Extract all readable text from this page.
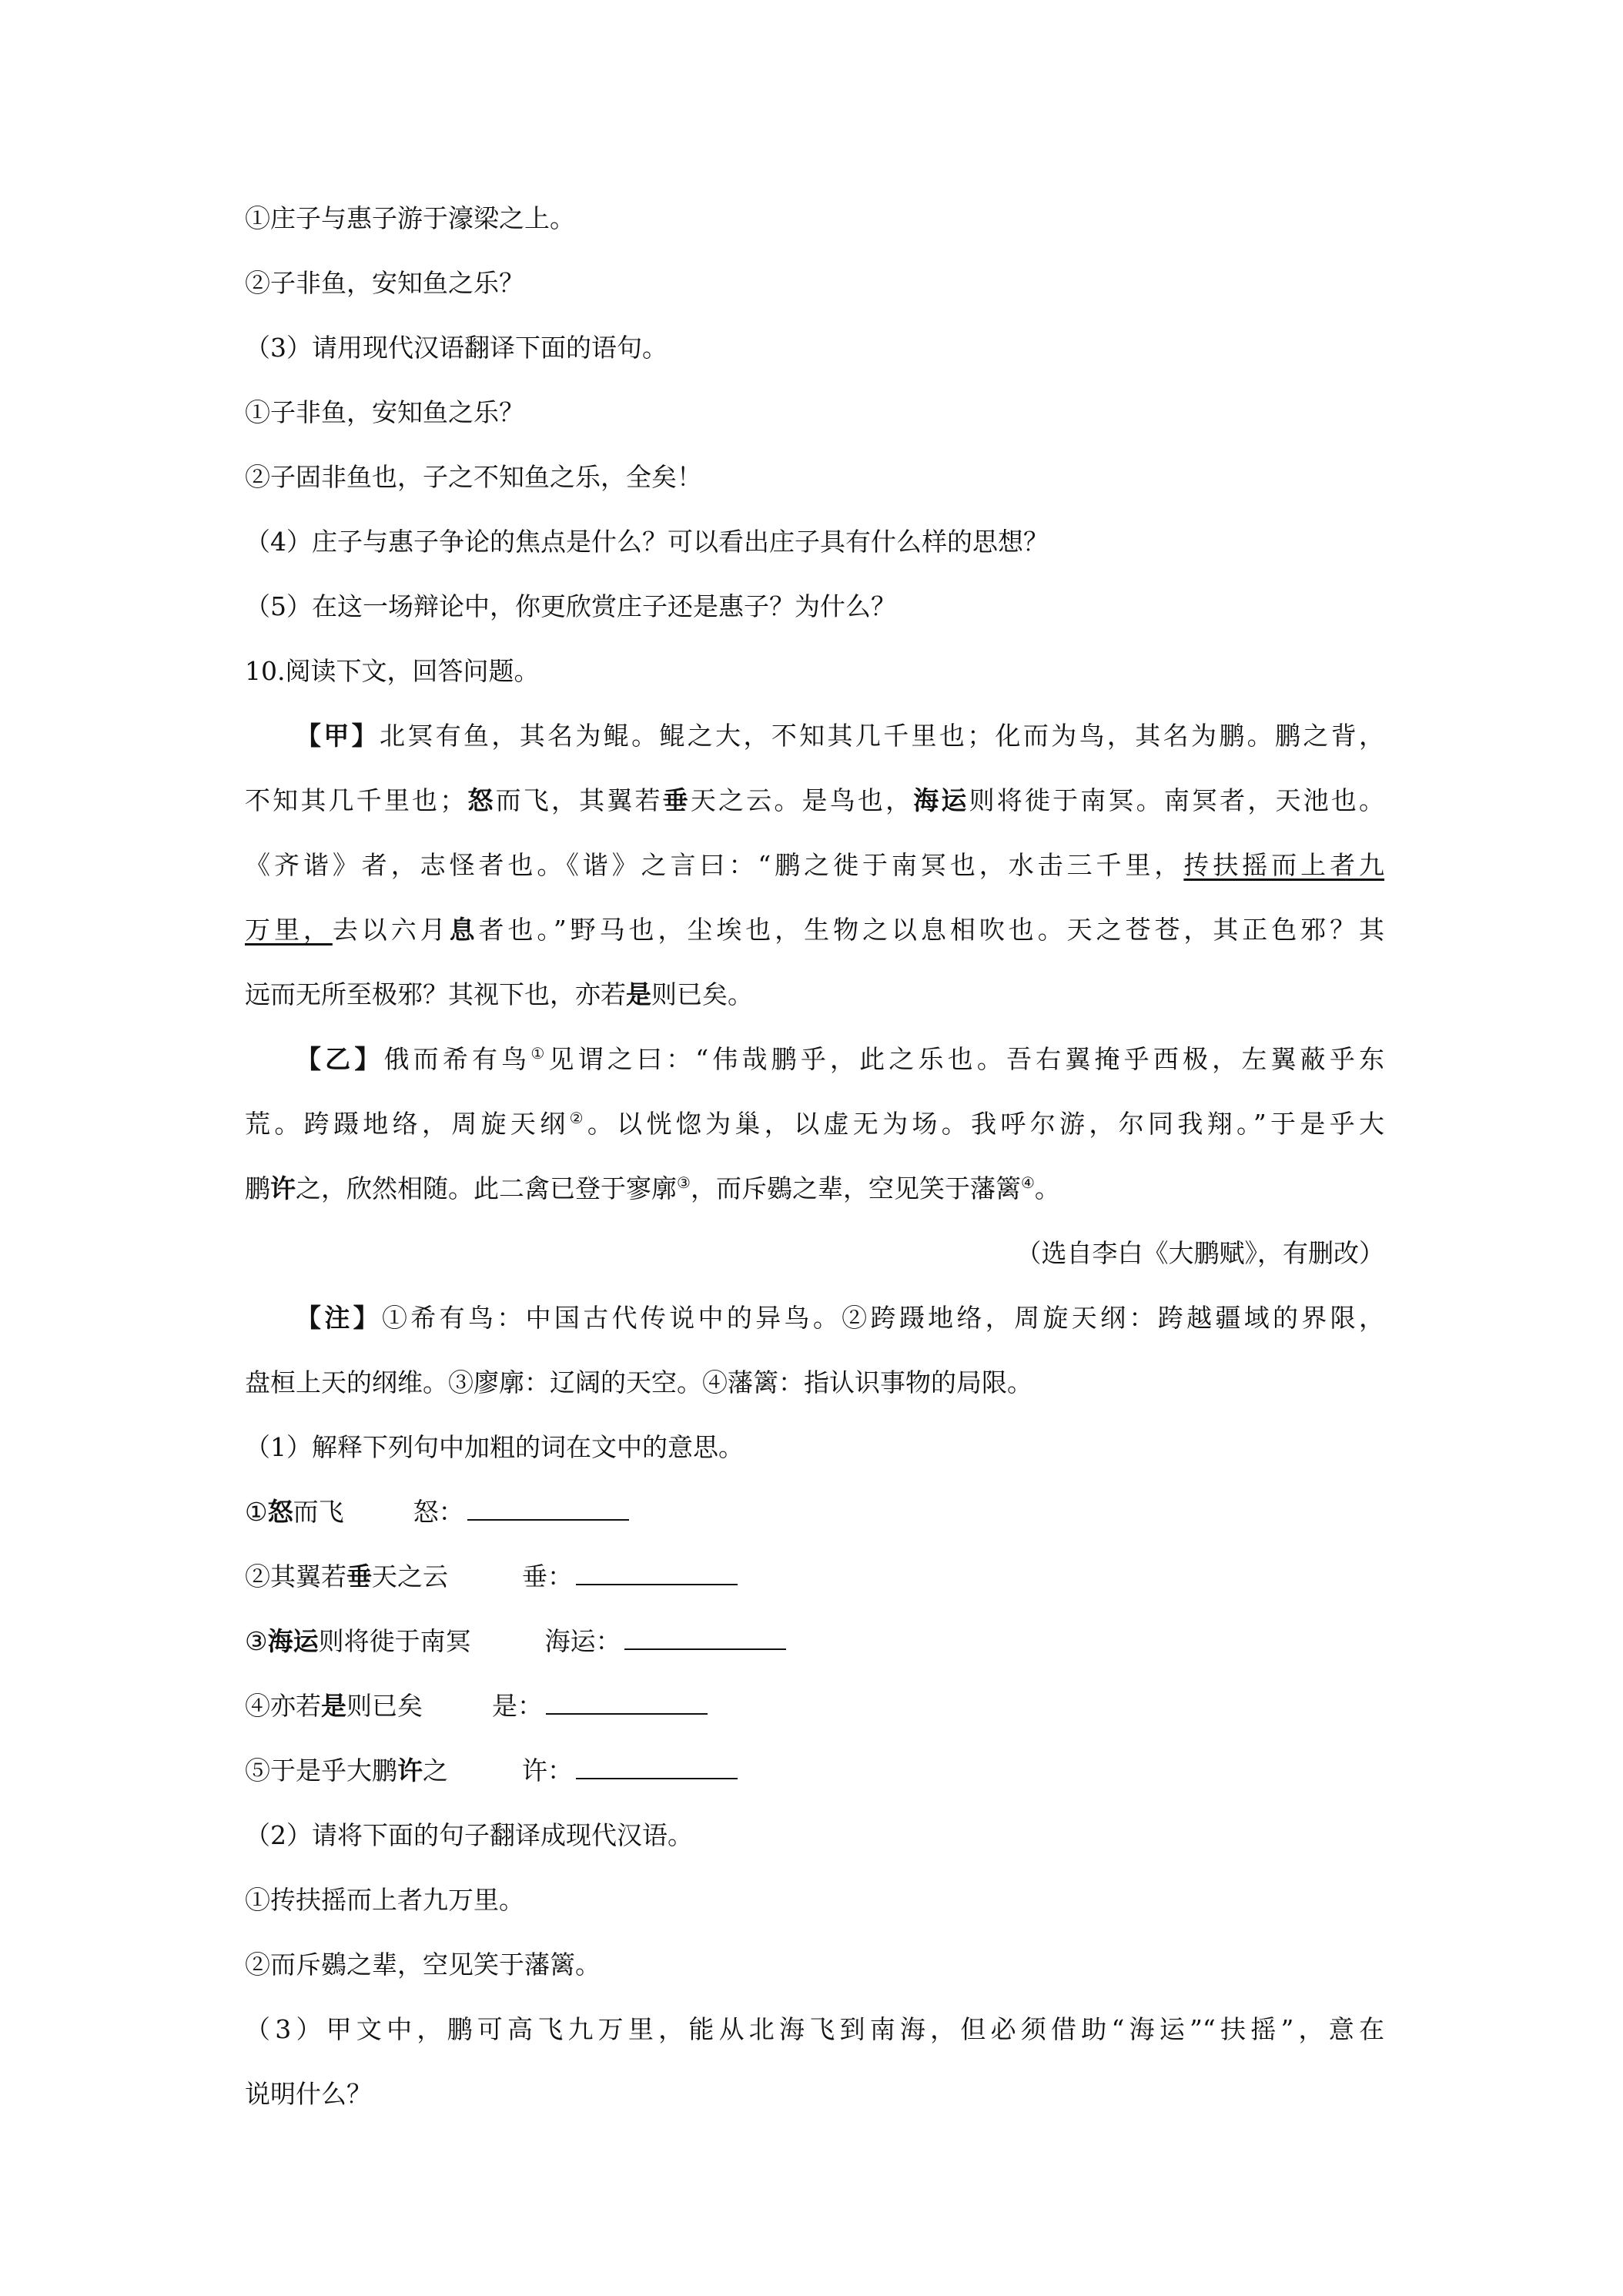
①庄子与惠子游于濠梁之上。
②子非鱼，安知鱼之乐？
（3）请用现代汉语翻译下面的语句。
①子非鱼，安知鱼之乐？
②子固非鱼也，子之不知鱼之乐，全矣！
（4）庄子与惠子争论的焦点是什么？可以看出庄子具有什么样的思想？
（5）在这一场辩论中，你更欣赏庄子还是惠子？为什么？
10.阅读下文，回答问题。
【甲】北冥有鱼，其名为鲲。鲲之大，不知其几千里也；化而为鸟，其名为鹏。鹏之背，
不知其几千里也；怒而飞，其翼若垂天之云。是鸟也，海运则将徙于南冥。南冥者，天池也。
《齐谐》者，志怪者也。《谐》之言曰：“鹏之徙于南冥也，水击三千里，抟扶摇而上者九
万里，去以六月息者也。”野马也，尘埃也，生物之以息相吹也。天之苍苍，其正色邪？其
远而无所至极邪？其视下也，亦若是则已矣。
【乙】俄而希有鸟①见谓之曰：“伟哉鹏乎，此之乐也。吾右翼掩乎西极，左翼蔽乎东
荒。跨蹑地络，周旋天纲②。以恍惚为巢，以虚无为场。我呼尔游，尔同我翔。”于是乎大
鹏许之，欣然相随。此二禽已登于寥廓③，而斥鷃之辈，空见笑于藩篱④。
（选自李白《大鹏赋》，有删改）
【注】①希有鸟：中国古代传说中的异鸟。②跨蹑地络，周旋天纲：跨越疆域的界限，
盘桓上天的纲维。③廖廓：辽阔的天空。④藩篱：指认识事物的局限。
（1）解释下列句中加粗的词在文中的意思。
①怒而飞	怒：
②其翼若垂天之云	垂：
③海运则将徙于南冥	海运：
④亦若是则已矣	是：
⑤于是乎大鹏许之	许：
（2）请将下面的句子翻译成现代汉语。
①抟扶摇而上者九万里。
②而斥鷃之辈，空见笑于藩篱。
（3）甲文中，鹏可高飞九万里，能从北海飞到南海，但必须借助“海运”“扶摇”，意在
说明什么？
